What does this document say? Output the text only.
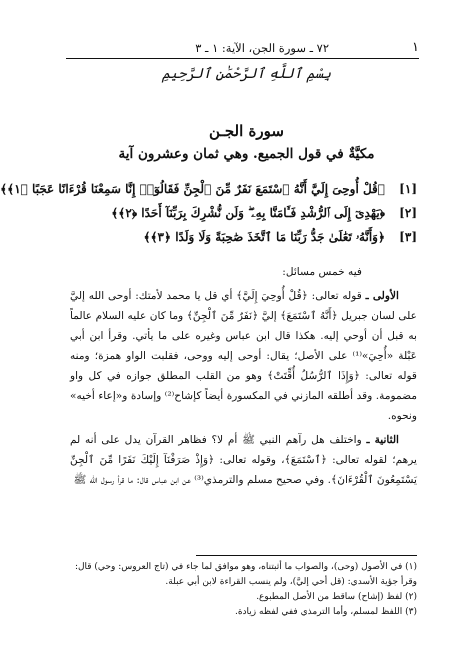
١
٧٢ ـ سورة الجن، الآية: ١ ـ ٣
بِسْمِ ٱللَّهِ ٱلرَّحْمَٰنِ ٱلرَّحِيمِ
سورة الجـن
مكيَّةٌ في قول الجميع. وهي ثمان وعشرون آية
[١]
﴿قُلْ أُوحِىَ إِلَيَّ أَنَّهُ ٱسْتَمَعَ نَفَرٌ مِّنَ ٱلْجِنِّ فَقَالُوٓا۟ إِنَّا سَمِعْنَا قُرْءَانًا عَجَبًا ﴿١﴾﴾
[٢]
﴿يَهْدِىٓ إِلَى ٱلرُّشْدِ فَـَٔامَنَّا بِهِۦ ۖ وَلَن نُّشْرِكَ بِرَبِّنَآ أَحَدًا ﴿٢﴾﴾
[٣]
﴿وَأَنَّهُۥ تَعَٰلَىٰ جَدُّ رَبِّنَا مَا ٱتَّخَذَ صَٰحِبَةً وَلَا وَلَدًا ﴿٣﴾﴾

فيه خمس مسائل:

الأولى ـ قوله تعالى: ﴿قُلْ أُوحِيَ إِلَيَّ﴾ أي قل يا محمد لأمتك: أوحى الله إليَّ على لسان جبريل ﴿أَنَّهُ ٱسْتَمَعَ﴾ إليَّ ﴿نَفَرٌ مِّنَ ٱلْجِنِّ﴾ وما كان عليه السلام عالماً به قبل أن أوحي إليه. هكذا قال ابن عباس وغيره على ما يأتي. وقرأ ابن أبي عَبْلة «أُحِيَ»⁽¹⁾ على الأصل؛ يقال: أوحى إليه ووحى، فقلبت الواو همزة؛ ومنه قوله تعالى: ﴿وَإِذَا ٱلرُّسُلُ أُقِّتَتْ﴾ وهو من القلب المطلق جوازه في كل واو مضمومة. وقد أطلقه المازني في المكسورة أيضاً كإشاح⁽²⁾ وإسادة و«إعاء أخيه» ونحوه.

الثانية ـ واختلف هل رآهم النبي ﷺ أم لا؟ فظاهر القرآن يدل على أنه لم يرهم؛ لقوله تعالى: ﴿ٱسْتَمَعَ﴾، وقوله تعالى: ﴿وَإِذْ صَرَفْنَآ إِلَيْكَ نَفَرًا مِّنَ ٱلْجِنِّ يَسْتَمِعُونَ ٱلْقُرْءَانَ﴾. وفي صحيح مسلم والترمذي⁽³⁾ عن ابن عباس قال: ما قرأ رسول الله ﷺ

(١) في الأصول (وحى)، والصواب ما أثبتناه، وهو موافق لما جاء في (تاج العروس: وحي) قال:
وقرأ جؤية الأسدي: (قل أحي إليَّ)، ولم ينسب القراءة لابن أبي عبلة.
(٢) لفظ (إشاح) ساقط من الأصل المطبوع.
(٣) اللفظ لمسلم، وأما الترمذي ففي لفظه زيادة.
